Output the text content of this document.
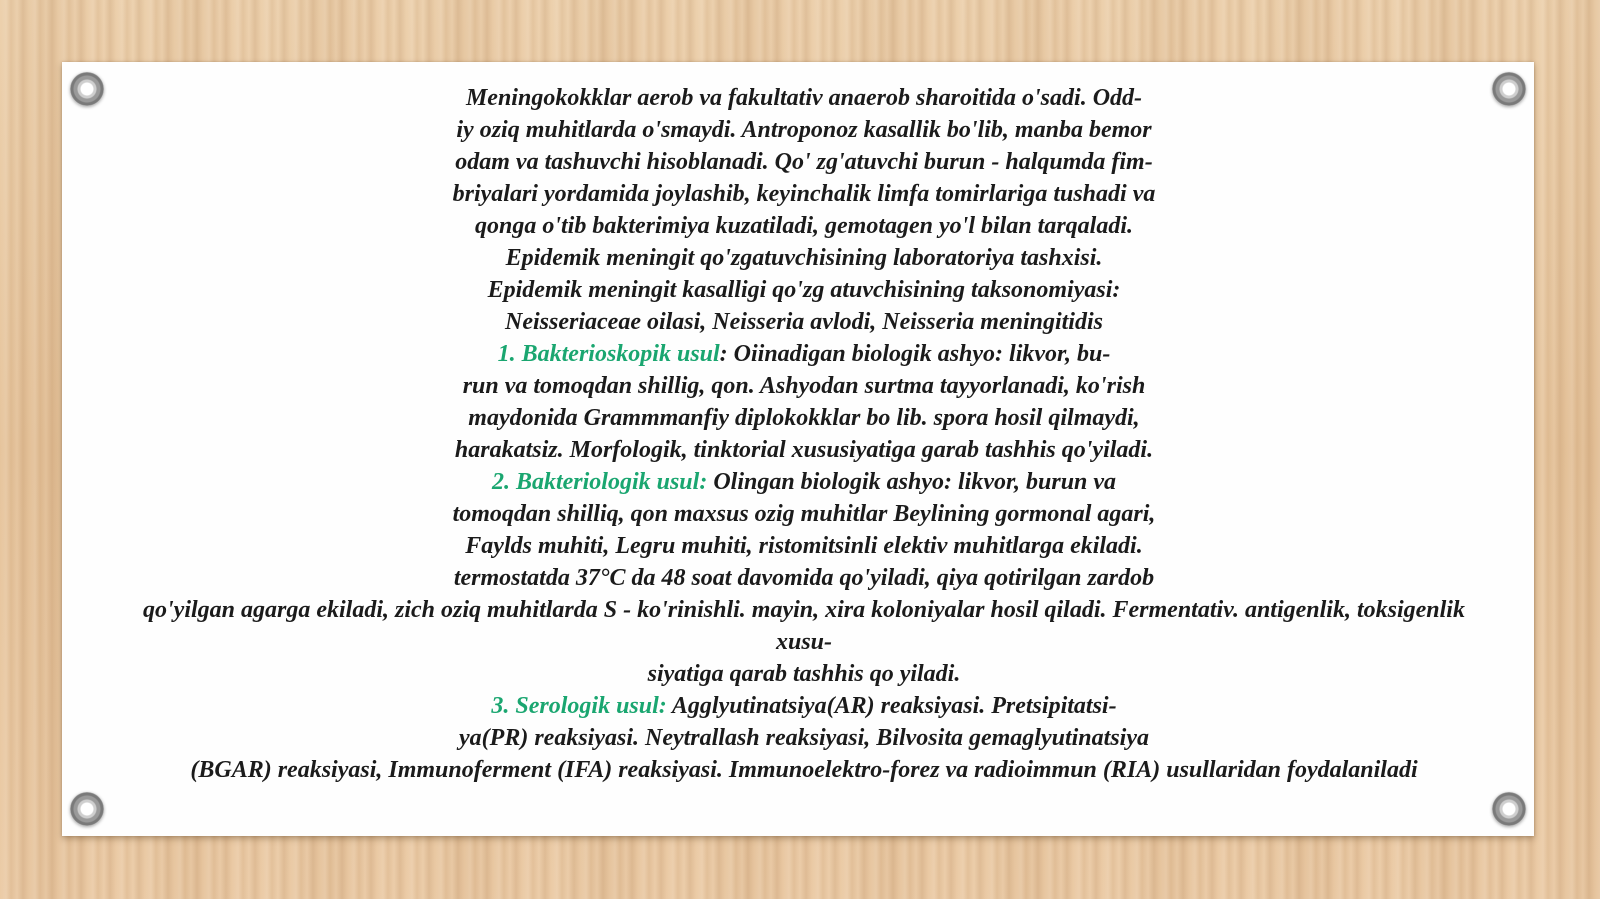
Meningokokklar aerob va fakultativ anaerob sharoitida o'sadi. Odd-
iy oziq muhitlarda o'smaydi. Antroponoz kasallik bo'lib, manba bemor
odam va tashuvchi hisoblanadi. Qo' zg'atuvchi burun - halqumda fim-
briyalari yordamida joylashib, keyinchalik limfa tomirlariga tushadi va
qonga o'tib bakterimiya kuzatiladi, gemotagen yo'l bilan tarqaladi.
Epidemik meningit qo'zgatuvchisining laboratoriya tashxisi.
Epidemik meningit kasalligi qo'zg atuvchisining taksonomiyasi:
Neisseriaceae oilasi, Neisseria avlodi, Neisseria meningitidis
1. Bakterioskopik usul: Oiinadigan biologik ashyo: likvor, bu-
run va tomoqdan shillig, qon. Ashyodan surtma tayyorlanadi, ko'rish
maydonida Grammmanfiy diplokokklar bo lib. spora hosil qilmaydi,
harakatsiz. Morfologik, tinktorial xususiyatiga garab tashhis qo'yiladi.
2. Bakteriologik usul: Olingan biologik ashyo: likvor, burun va
tomoqdan shilliq, qon maxsus ozig muhitlar Beylining gormonal agari,
Faylds muhiti, Legru muhiti, ristomitsinli elektiv muhitlarga ekiladi.
termostatda 37°C da 48 soat davomida qo'yiladi, qiya qotirilgan zardob
qo'yilgan agarga ekiladi, zich oziq muhitlarda S - ko'rinishli. mayin, xira koloniyalar hosil qiladi. Fermentativ. antigenlik, toksigenlik xusu-
siyatiga qarab tashhis qo yiladi.
3. Serologik usul: Agglyutinatsiya(AR) reaksiyasi. Pretsipitatsi-
ya(PR) reaksiyasi. Neytrallash reaksiyasi, Bilvosita gemaglyutinatsiya
(BGAR) reaksiyasi, Immunoferment (IFA) reaksiyasi. Immunoelektro-forez va radioimmun (RIA) usullaridan foydalaniladi
